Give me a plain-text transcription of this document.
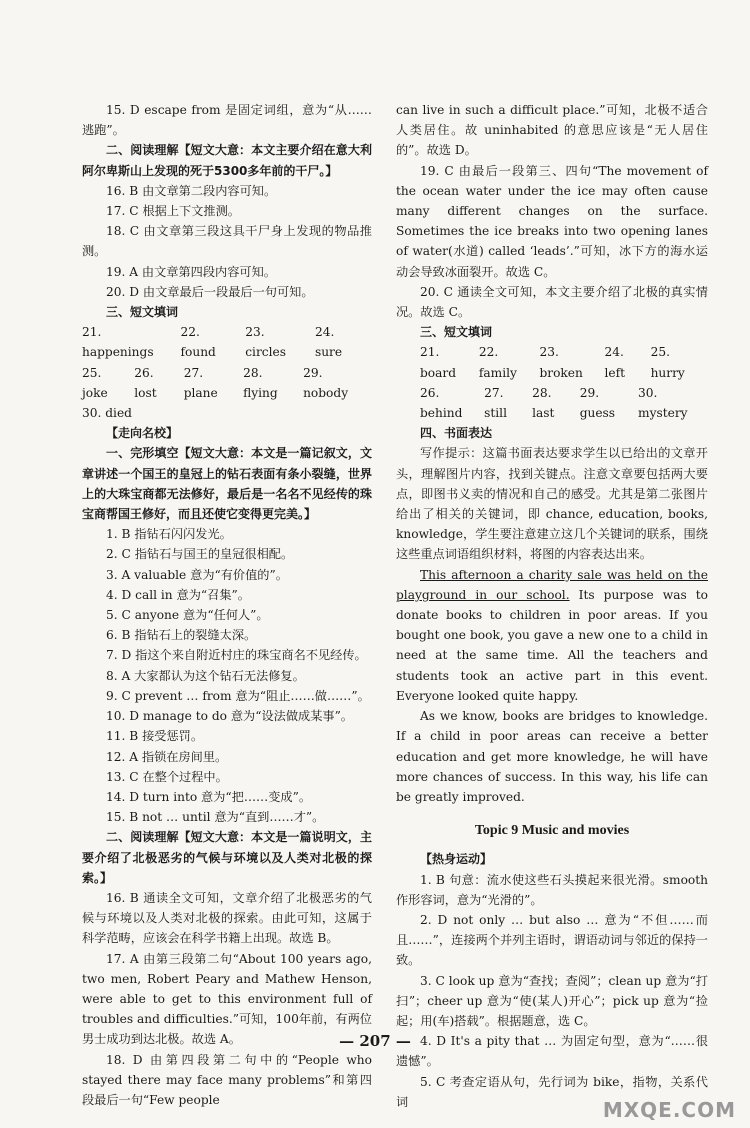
15. D escape from 是固定词组，意为“从……逃跑”。

二、阅读理解【短文大意：本文主要介绍在意大利阿尔卑斯山上发现的死于5300多年前的干尸。】

16. B 由文章第二段内容可知。

17. C 根据上下文推测。

18. C 由文章第三段这具干尸身上发现的物品推测。

19. A 由文章第四段内容可知。

20. D 由文章最后一段最后一句可知。

三、短文填词

21. happenings
22. found
23. circles
24. sure
25. joke
26. lost
27. plane
28. flying
29. nobody
30. died

【走向名校】

一、完形填空【短文大意：本文是一篇记叙文，文章讲述一个国王的皇冠上的钻石表面有条小裂缝，世界上的大珠宝商都无法修好，最后是一名名不见经传的珠宝商帮国王修好，而且还使它变得更完美。】

1. B 指钻石闪闪发光。

2. C 指钻石与国王的皇冠很相配。

3. A valuable 意为“有价值的”。

4. D call in 意为“召集”。

5. C anyone 意为“任何人”。

6. B 指钻石上的裂缝太深。

7. D 指这个来自附近村庄的珠宝商名不见经传。

8. A 大家都认为这个钻石无法修复。

9. C prevent … from 意为“阻止……做……”。

10. D manage to do 意为“设法做成某事”。

11. B 接受惩罚。

12. A 指锁在房间里。

13. C 在整个过程中。

14. D turn into 意为“把……变成”。

15. B not … until 意为“直到……才”。

二、阅读理解【短文大意：本文是一篇说明文，主要介绍了北极恶劣的气候与环境以及人类对北极的探索。】

16. B 通读全文可知，文章介绍了北极恶劣的气候与环境以及人类对北极的探索。由此可知，这属于科学范畴，应该会在科学书籍上出现。故选 B。

17. A 由第三段第二句“About 100 years ago, two men, Robert Peary and Mathew Henson, were able to get to this environment full of troubles and difficulties.”可知，100年前，有两位男士成功到达北极。故选 A。

18. D 由第四段第二句中的“People who stayed there may face many problems”和第四段最后一句“Few people

can live in such a difficult place.”可知，北极不适合人类居住。故 uninhabited 的意思应该是“无人居住的”。故选 D。

19. C 由最后一段第三、四句“The movement of the ocean water under the ice may often cause many different changes on the surface. Sometimes the ice breaks into two opening lanes of water(水道) called ‘leads’.”可知，冰下方的海水运动会导致冰面裂开。故选 C。

20. C 通读全文可知，本文主要介绍了北极的真实情况。故选 C。

三、短文填词

21. board
22. family
23. broken
24. left
25. hurry
26. behind
27. still
28. last
29. guess
30. mystery

四、书面表达

写作提示：这篇书面表达要求学生以已给出的文章开头，理解图片内容，找到关键点。注意文章要包括两大要点，即图书义卖的情况和自己的感受。尤其是第二张图片给出了相关的关键词，即 chance, education, books, knowledge，学生要注意建立这几个关键词的联系，围绕这些重点词语组织材料，将图的内容表达出来。

This afternoon a charity sale was held on the playground in our school. Its purpose was to donate books to children in poor areas. If you bought one book, you gave a new one to a child in need at the same time. All the teachers and students took an active part in this event. Everyone looked quite happy.

As we know, books are bridges to knowledge. If a child in poor areas can receive a better education and get more knowledge, he will have more chances of success. In this way, his life can be greatly improved.

Topic 9 Music and movies

【热身运动】

1. B 句意：流水使这些石头摸起来很光滑。smooth 作形容词，意为“光滑的”。

2. D not only … but also … 意为“不但……而且……”，连接两个并列主语时，谓语动词与邻近的保持一致。

3. C look up 意为“查找；查阅”；clean up 意为“打扫”；cheer up 意为“使(某人)开心”；pick up 意为“捡起；用(车)搭载”。根据题意，选 C。

4. D It's a pity that … 为固定句型，意为“……很遗憾”。

5. C 考查定语从句，先行词为 bike，指物，关系代词

— 207 —
MXQE.COM
